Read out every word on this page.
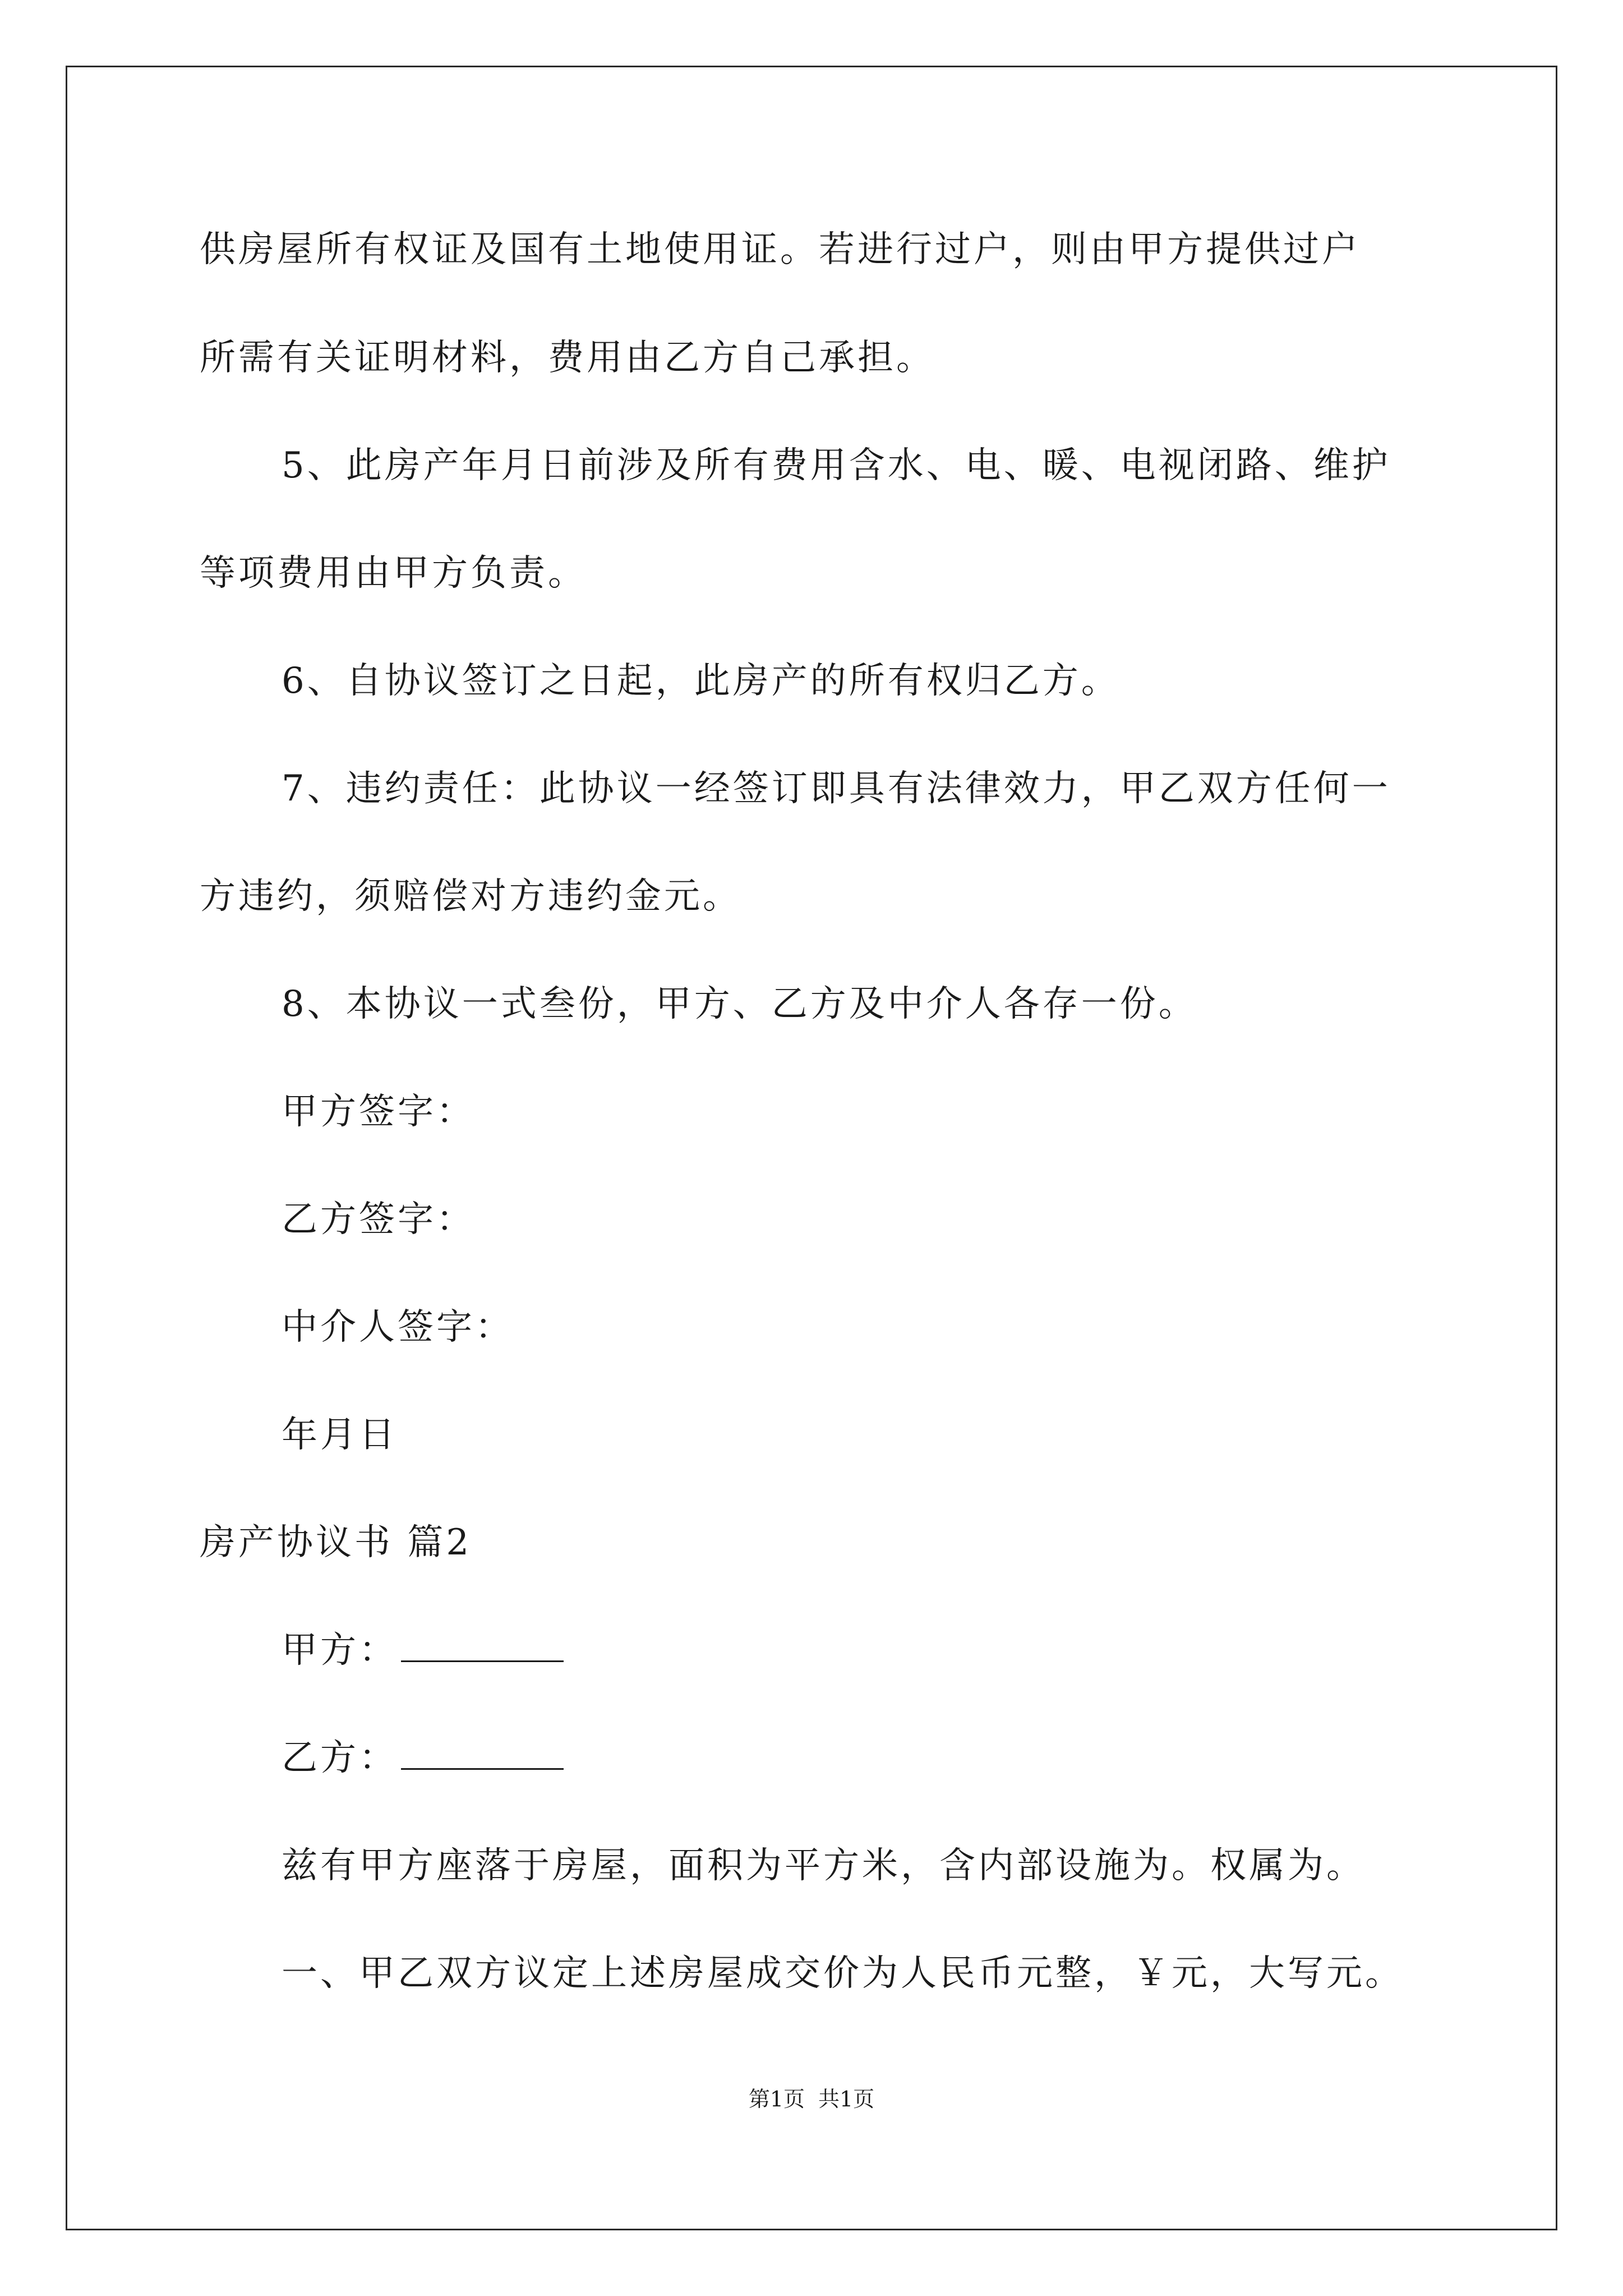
供房屋所有权证及国有土地使用证。若进行过户，则由甲方提供过户
所需有关证明材料，费用由乙方自己承担。
5、此房产年月日前涉及所有费用含水、电、暖、电视闭路、维护
等项费用由甲方负责。
6、自协议签订之日起，此房产的所有权归乙方。
7、违约责任：此协议一经签订即具有法律效力，甲乙双方任何一
方违约，须赔偿对方违约金元。
8、本协议一式叁份，甲方、乙方及中介人各存一份。
甲方签字：
乙方签字：
中介人签字：
年月日
房产协议书 篇2
甲方：
乙方：
兹有甲方座落于房屋，面积为平方米，含内部设施为。权属为。
一、甲乙双方议定上述房屋成交价为人民币元整，￥元，大写元。
第1页 共1页
